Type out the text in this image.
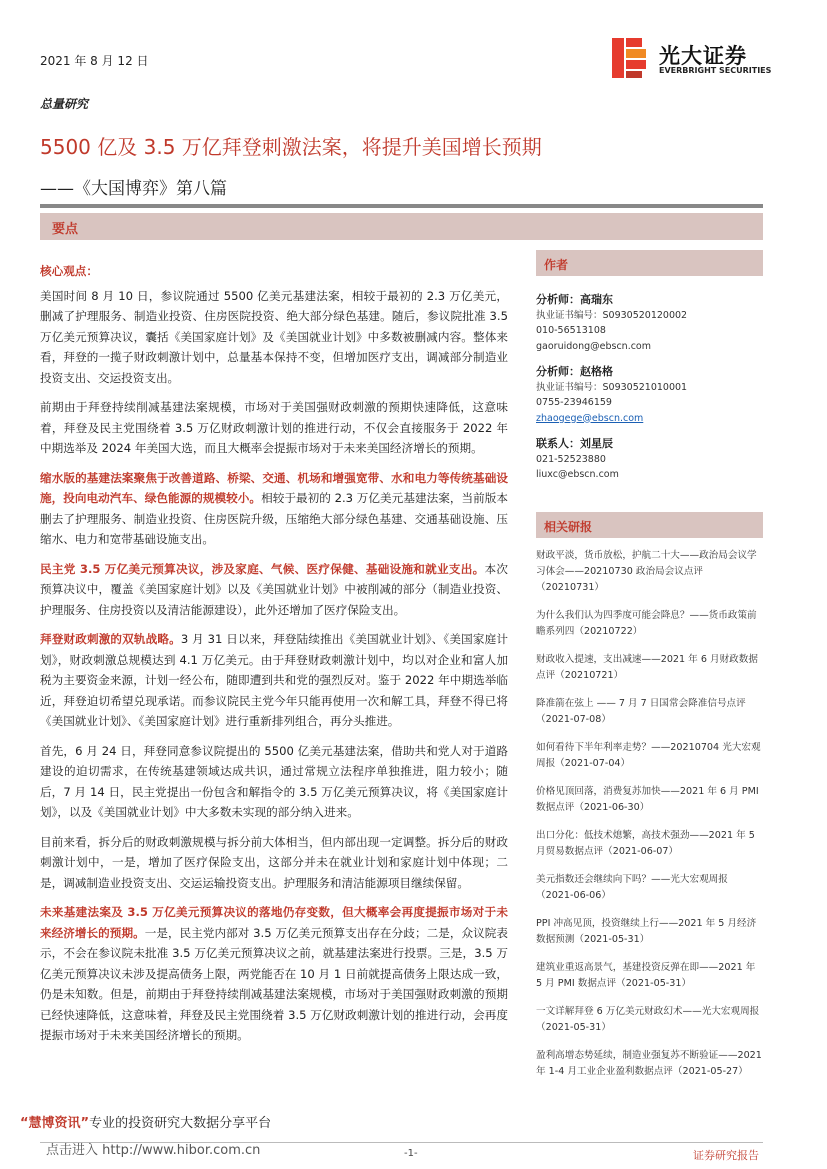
2021 年 8 月 12 日	光大证券
EVERBRIGHT SECURITIES
总量研究
5500 亿及 3.5 万亿拜登刺激法案，将提升美国增长预期
——《大国博弈》第八篇
要点

核心观点：

美国时间 8 月 10 日，参议院通过 5500 亿美元基建法案，相较于最初的 2.3 万亿美元，删减了护理服务、制造业投资、住房医院投资、绝大部分绿色基建。随后，参议院批准 3.5 万亿美元预算决议，囊括《美国家庭计划》及《美国就业计划》中多数被删减内容。整体来看，拜登的一揽子财政刺激计划中，总量基本保持不变，但增加医疗支出，调减部分制造业投资支出、交运投资支出。

前期由于拜登持续削减基建法案规模，市场对于美国强财政刺激的预期快速降低，这意味着，拜登及民主党围绕着 3.5 万亿财政刺激计划的推进行动，不仅会直接服务于 2022 年中期选举及 2024 年美国大选，而且大概率会提振市场对于未来美国经济增长的预期。

缩水版的基建法案聚焦于改善道路、桥梁、交通、机场和增强宽带、水和电力等传统基础设施，投向电动汽车、绿色能源的规模较小。相较于最初的 2.3 万亿美元基建法案，当前版本删去了护理服务、制造业投资、住房医院升级，压缩绝大部分绿色基建、交通基础设施、压缩水、电力和宽带基础设施支出。

民主党 3.5 万亿美元预算决议，涉及家庭、气候、医疗保健、基础设施和就业支出。本次预算决议中，覆盖《美国家庭计划》以及《美国就业计划》中被削减的部分（制造业投资、护理服务、住房投资以及清洁能源建设），此外还增加了医疗保险支出。

拜登财政刺激的双轨战略。3 月 31 日以来，拜登陆续推出《美国就业计划》、《美国家庭计划》，财政刺激总规模达到 4.1 万亿美元。由于拜登财政刺激计划中，均以对企业和富人加税为主要资金来源，计划一经公布，随即遭到共和党的强烈反对。鉴于 2022 年中期选举临近，拜登迫切希望兑现承诺。而参议院民主党今年只能再使用一次和解工具，拜登不得已将《美国就业计划》、《美国家庭计划》进行重新排列组合，再分头推进。

首先，6 月 24 日，拜登同意参议院提出的 5500 亿美元基建法案，借助共和党人对于道路建设的迫切需求，在传统基建领域达成共识，通过常规立法程序单独推进，阻力较小；随后，7 月 14 日，民主党提出一份包含和解指令的 3.5 万亿美元预算决议，将《美国家庭计划》，以及《美国就业计划》中大多数未实现的部分纳入进来。

目前来看，拆分后的财政刺激规模与拆分前大体相当，但内部出现一定调整。拆分后的财政刺激计划中，一是，增加了医疗保险支出，这部分并未在就业计划和家庭计划中体现；二是，调减制造业投资支出、交运运输投资支出。护理服务和清洁能源项目继续保留。

未来基建法案及 3.5 万亿美元预算决议的落地仍存变数，但大概率会再度提振市场对于未来经济增长的预期。一是，民主党内部对 3.5 万亿美元预算支出存在分歧；二是，众议院表示，不会在参议院未批准 3.5 万亿美元预算决议之前，就基建法案进行投票。三是，3.5 万亿美元预算决议未涉及提高债务上限，两党能否在 10 月 1 日前就提高债务上限达成一致，仍是未知数。但是，前期由于拜登持续削减基建法案规模，市场对于美国强财政刺激的预期已经快速降低，这意味着，拜登及民主党围绕着 3.5 万亿财政刺激计划的推进行动，会再度提振市场对于未来美国经济增长的预期。

作者
分析师：高瑞东
执业证书编号：S0930520120002
010-56513108
gaoruidong@ebscn.com
分析师：赵格格
执业证书编号：S0930521010001
0755-23946159
zhaogege@ebscn.com
联系人：刘星辰
021-52523880
liuxc@ebscn.com
相关研报
财政平淡，货币放松，护航二十大——政治局会议学习体会——20210730 政治局会议点评（20210731）
为什么我们认为四季度可能会降息？——货币政策前瞻系列四（20210722）
财政收入提速，支出减速——2021 年 6 月财政数据点评（20210721）
降准箭在弦上 —— 7 月 7 日国常会降准信号点评（2021-07-08）
如何看待下半年利率走势？——20210704 光大宏观周报（2021-07-04）
价格见顶回落，消费复苏加快——2021 年 6 月 PMI 数据点评（2021-06-30）
出口分化：低技术熄繁，高技术强劲——2021 年 5 月贸易数据点评（2021-06-07）
美元指数还会继续向下吗？——光大宏观周报（2021-06-06）
PPI 冲高见顶，投资继续上行——2021 年 5 月经济数据预测（2021-05-31）
建筑业重返高景气，基建投资反弹在即——2021 年 5 月 PMI 数据点评（2021-05-31）
一文详解拜登 6 万亿美元财政幻术——光大宏观周报（2021-05-31）
盈利高增态势延续，制造业强复苏不断验证——2021 年 1-4 月工业企业盈利数据点评（2021-05-27）
“慧博资讯”专业的投资研究大数据分享平台
点击进入 http://www.hibor.com.cn	-1-	证券研究报告
